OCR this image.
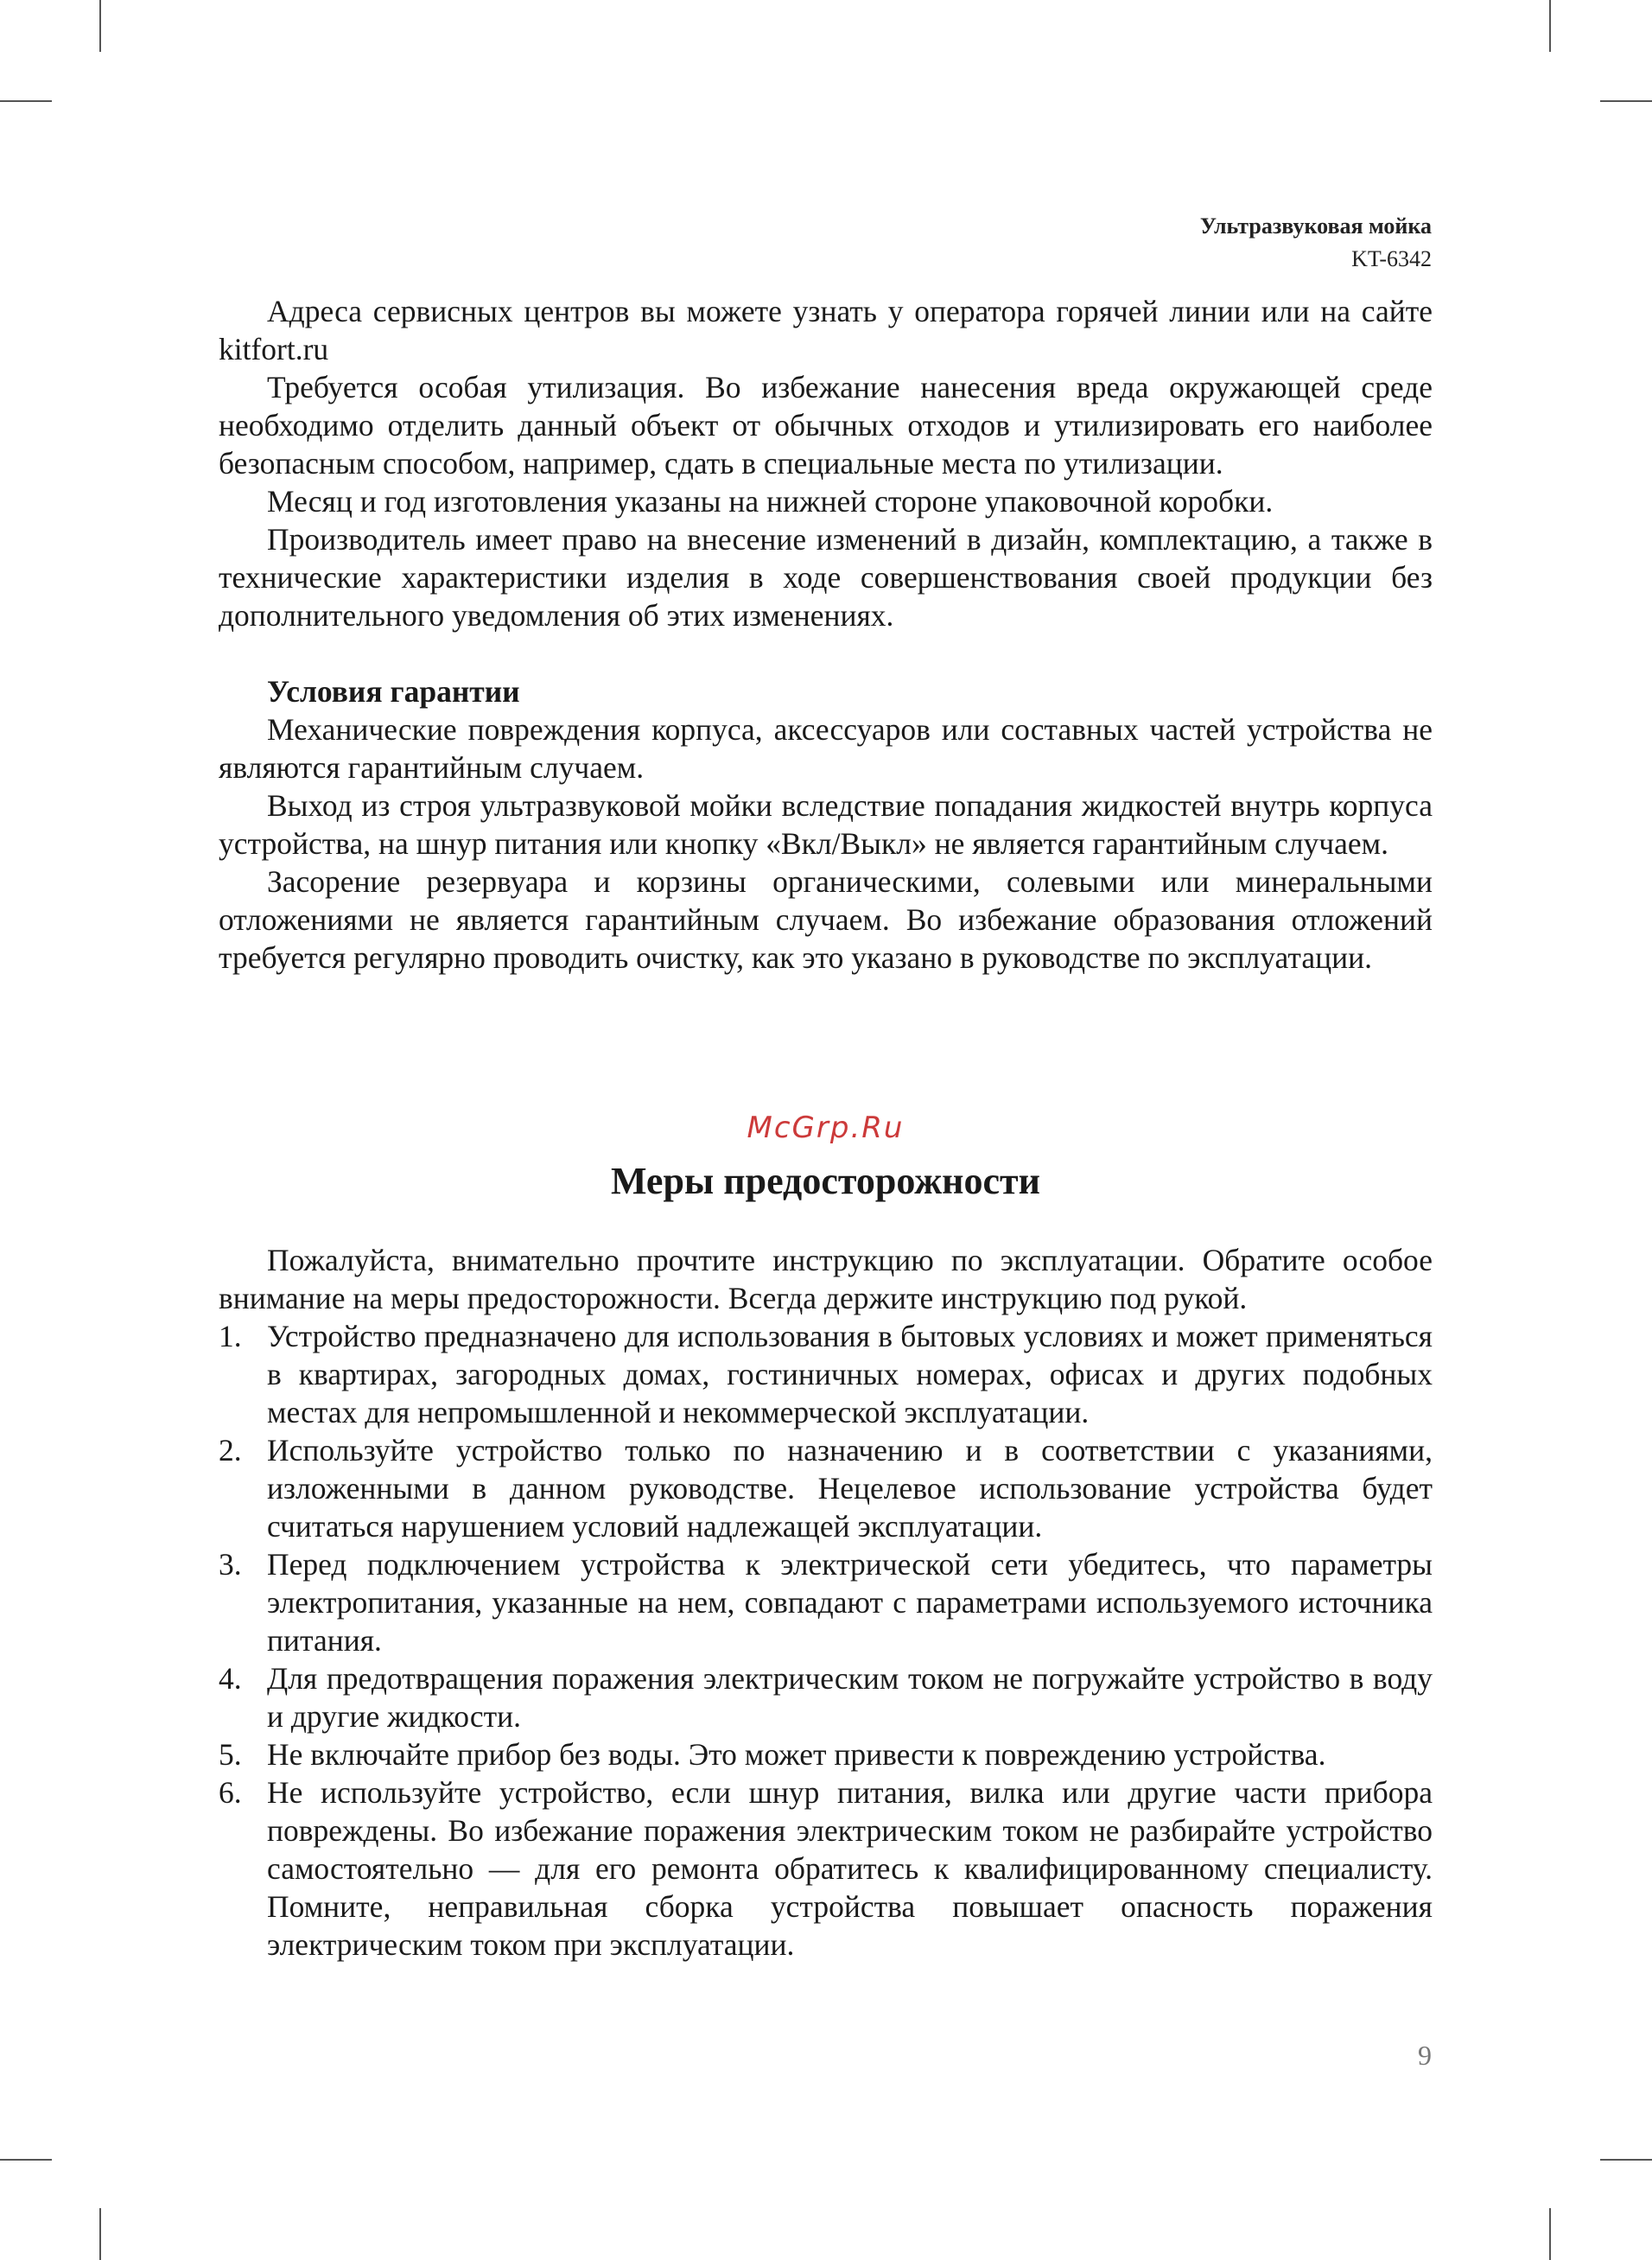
Ультразвуковая мойка
KT-6342

Адреса сервисных центров вы можете узнать у оператора горячей линии или на сайте kitfort.ru

Требуется особая утилизация. Во избежание нанесения вреда окружающей среде необходимо отделить данный объект от обычных отходов и утилизировать его наиболее безопасным способом, например, сдать в специальные места по утилизации.

Месяц и год изготовления указаны на нижней стороне упаковочной коробки.

Производитель имеет право на внесение изменений в дизайн, комплектацию, а также в технические характеристики изделия в ходе совершенствования своей продукции без дополнительного уведомления об этих изменениях.

Условия гарантии

Механические повреждения корпуса, аксессуаров или составных частей устройства не являются гарантийным случаем.

Выход из строя ультразвуковой мойки вследствие попадания жидкостей внутрь корпуса устройства, на шнур питания или кнопку «Вкл/Выкл» не является гарантийным случаем.

Засорение резервуара и корзины органическими, солевыми или минеральными отложениями не является гарантийным случаем. Во избежание образования отложений требуется регулярно проводить очистку, как это указано в руководстве по эксплуатации.

McGrp.Ru
Меры предосторожности

Пожалуйста, внимательно прочтите инструкцию по эксплуатации. Обратите особое внимание на меры предосторожности. Всегда держите инструкцию под рукой.

1. Устройство предназначено для использования в бытовых условиях и может применяться в квартирах, загородных домах, гостиничных номерах, офисах и других подобных местах для непромышленной и некоммерческой эксплуатации.
2. Используйте устройство только по назначению и в соответствии с указаниями, изложенными в данном руководстве. Нецелевое использование устройства будет считаться нарушением условий надлежащей эксплуатации.
3. Перед подключением устройства к электрической сети убедитесь, что параметры электропитания, указанные на нем, совпадают с параметрами используемого источника питания.
4. Для предотвращения поражения электрическим током не погружайте устройство в воду и другие жидкости.
5. Не включайте прибор без воды. Это может привести к повреждению устройства.
6. Не используйте устройство, если шнур питания, вилка или другие части прибора повреждены. Во избежание поражения электрическим током не разбирайте устройство самостоятельно — для его ремонта обратитесь к квалифицированному специалисту. Помните, неправильная сборка устройства повышает опасность поражения электрическим током при эксплуатации.
9
